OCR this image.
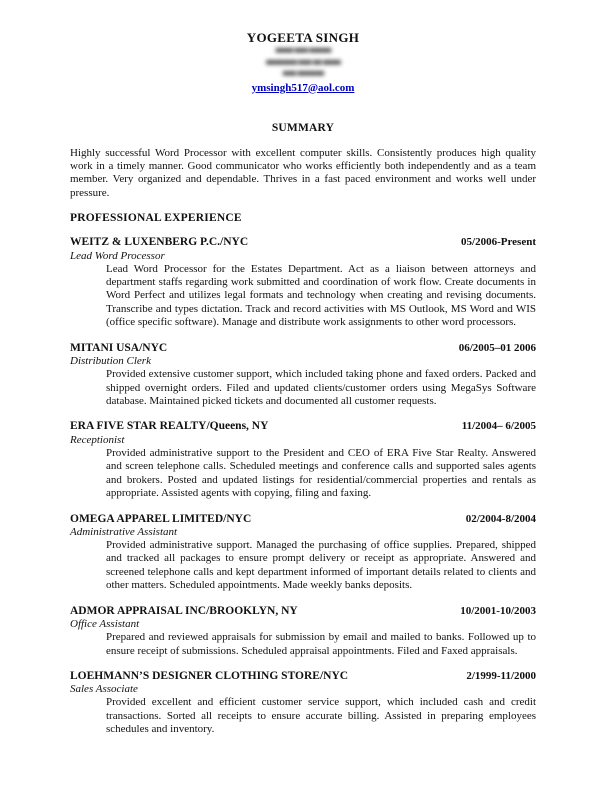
YOGEETA SINGH
■■■■ ■■■ ■■■■■
■■■■■■■ ■■■ ■■ ■■■■
■■■ ■■■■■■
ymsingh517@aol.com
SUMMARY

Highly successful Word Processor with excellent computer skills. Consistently produces high quality work in a timely manner. Good communicator who works efficiently both independently and as a team member. Very organized and dependable. Thrives in a fast paced environment and works well under pressure.

PROFESSIONAL EXPERIENCE
WEITZ & LUXENBERG P.C./NYC	05/2006-Present
Lead Word Processor

Lead Word Processor for the Estates Department. Act as a liaison between attorneys and department staffs regarding work submitted and coordination of work flow. Create documents in Word Perfect and utilizes legal formats and technology when creating and revising documents. Transcribe and types dictation. Track and record activities with MS Outlook, MS Word and WIS (office specific software). Manage and distribute work assignments to other word processors.

MITANI USA/NYC	06/2005–01 2006
Distribution Clerk

Provided extensive customer support, which included taking phone and faxed orders. Packed and shipped overnight orders. Filed and updated clients/customer orders using MegaSys Software database. Maintained picked tickets and documented all customer requests.

ERA FIVE STAR REALTY/Queens, NY	11/2004– 6/2005
Receptionist

Provided administrative support to the President and CEO of ERA Five Star Realty. Answered and screen telephone calls. Scheduled meetings and conference calls and supported sales agents and brokers. Posted and updated listings for residential/commercial properties and rentals as appropriate. Assisted agents with copying, filing and faxing.

OMEGA APPAREL LIMITED/NYC	02/2004-8/2004
Administrative Assistant

Provided administrative support. Managed the purchasing of office supplies. Prepared, shipped and tracked all packages to ensure prompt delivery or receipt as appropriate. Answered and screened telephone calls and kept department informed of important details related to clients and other matters. Scheduled appointments. Made weekly banks deposits.

ADMOR APPRAISAL INC/BROOKLYN, NY	10/2001-10/2003
Office Assistant

Prepared and reviewed appraisals for submission by email and mailed to banks. Followed up to ensure receipt of submissions. Scheduled appraisal appointments. Filed and Faxed appraisals.

LOEHMANN’S DESIGNER CLOTHING STORE/NYC	2/1999-11/2000
Sales Associate

Provided excellent and efficient customer service support, which included cash and credit transactions. Sorted all receipts to ensure accurate billing. Assisted in preparing employees schedules and inventory.
